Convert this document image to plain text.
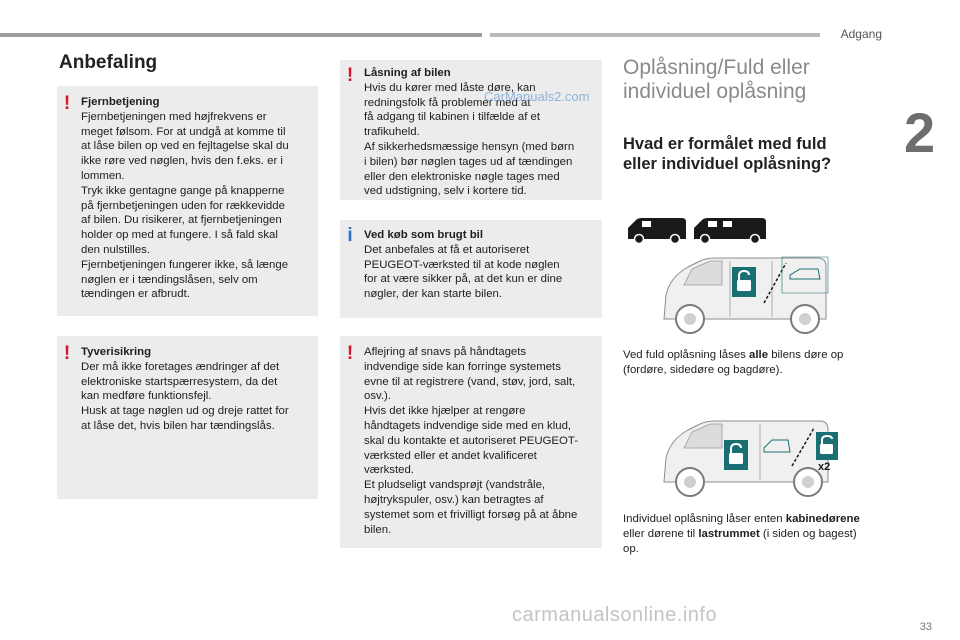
Adgang
2
33
Anbefaling
! Fjernbetjening
Fjernbetjeningen med højfrekvens er
meget følsom. For at undgå at komme til
at låse bilen op ved en fejltagelse skal du
ikke røre ved nøglen, hvis den f.eks. er i
lommen.
Tryk ikke gentagne gange på knapperne
på fjernbetjeningen uden for rækkevidde
af bilen. Du risikerer, at fjernbetjeningen
holder op med at fungere. I så fald skal
den nulstilles.
Fjernbetjeningen fungerer ikke, så længe
nøglen er i tændingslåsen, selv om
tændingen er afbrudt.
! Tyverisikring
Der må ikke foretages ændringer af det
elektroniske startspærresystem, da det
kan medføre funktionsfejl.
Husk at tage nøglen ud og dreje rattet for
at låse det, hvis bilen har tændingslås.
! Låsning af bilen
Hvis du kører med låste døre, kan
redningsfolk få problemer med at
få adgang til kabinen i tilfælde af et
trafikuheld.
Af sikkerhedsmæssige hensyn (med børn
i bilen) bør nøglen tages ud af tændingen
eller den elektroniske nøgle tages med
ved udstigning, selv i kortere tid.
i Ved køb som brugt bil
Det anbefales at få et autoriseret
PEUGEOT-værksted til at kode nøglen
for at være sikker på, at det kun er dine
nøgler, der kan starte bilen.
! Aflejring af snavs på håndtagets
indvendige side kan forringe systemets
evne til at registrere (vand, støv, jord, salt,
osv.).
Hvis det ikke hjælper at rengøre
håndtagets indvendige side med en klud,
skal du kontakte et autoriseret PEUGEOT-
værksted eller et andet kvalificeret
værksted.
Et pludseligt vandsprøjt (vandstråle,
højtrykspuler, osv.) kan betragtes af
systemet som et frivilligt forsøg på at åbne
bilen.
CarManuals2.com
Oplåsning/Fuld eller
individuel oplåsning
Hvad er formålet med fuld
eller individuel oplåsning?
Ved fuld oplåsning låses alle bilens døre op
(fordøre, sidedøre og bagdøre).
x2
Individuel oplåsning låser enten kabinedørene
eller dørene til lastrummet (i siden og bagest)
op.
carmanualsonline.info
